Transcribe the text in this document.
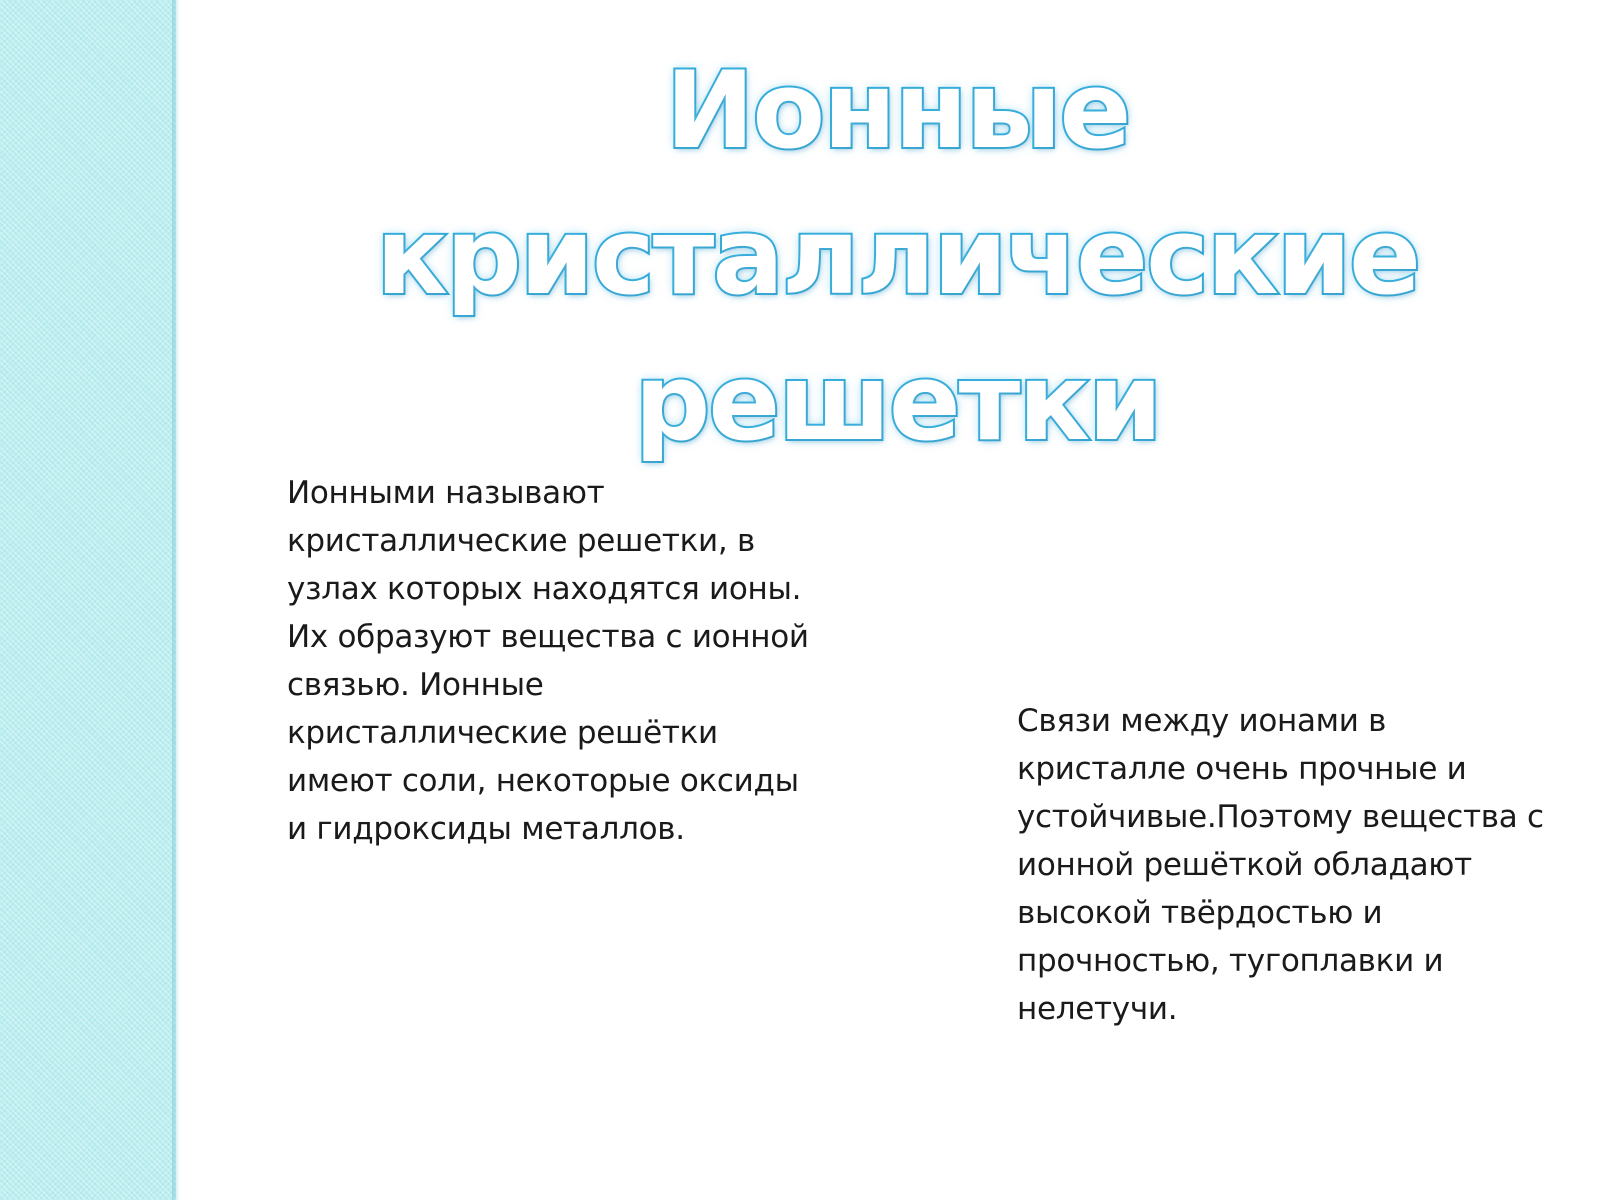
Ионные кристаллические решетки

Ионными называют кристаллические решетки, в узлах которых находятся ионы. Их образуют вещества с ионной связью. Ионные кристаллические решётки имеют соли, некоторые оксиды и гидроксиды металлов.

Связи между ионами в кристалле очень прочные и устойчивые.Поэтому вещества с ионной решёткой обладают высокой твёрдостью и прочностью, тугоплавки и нелетучи.
